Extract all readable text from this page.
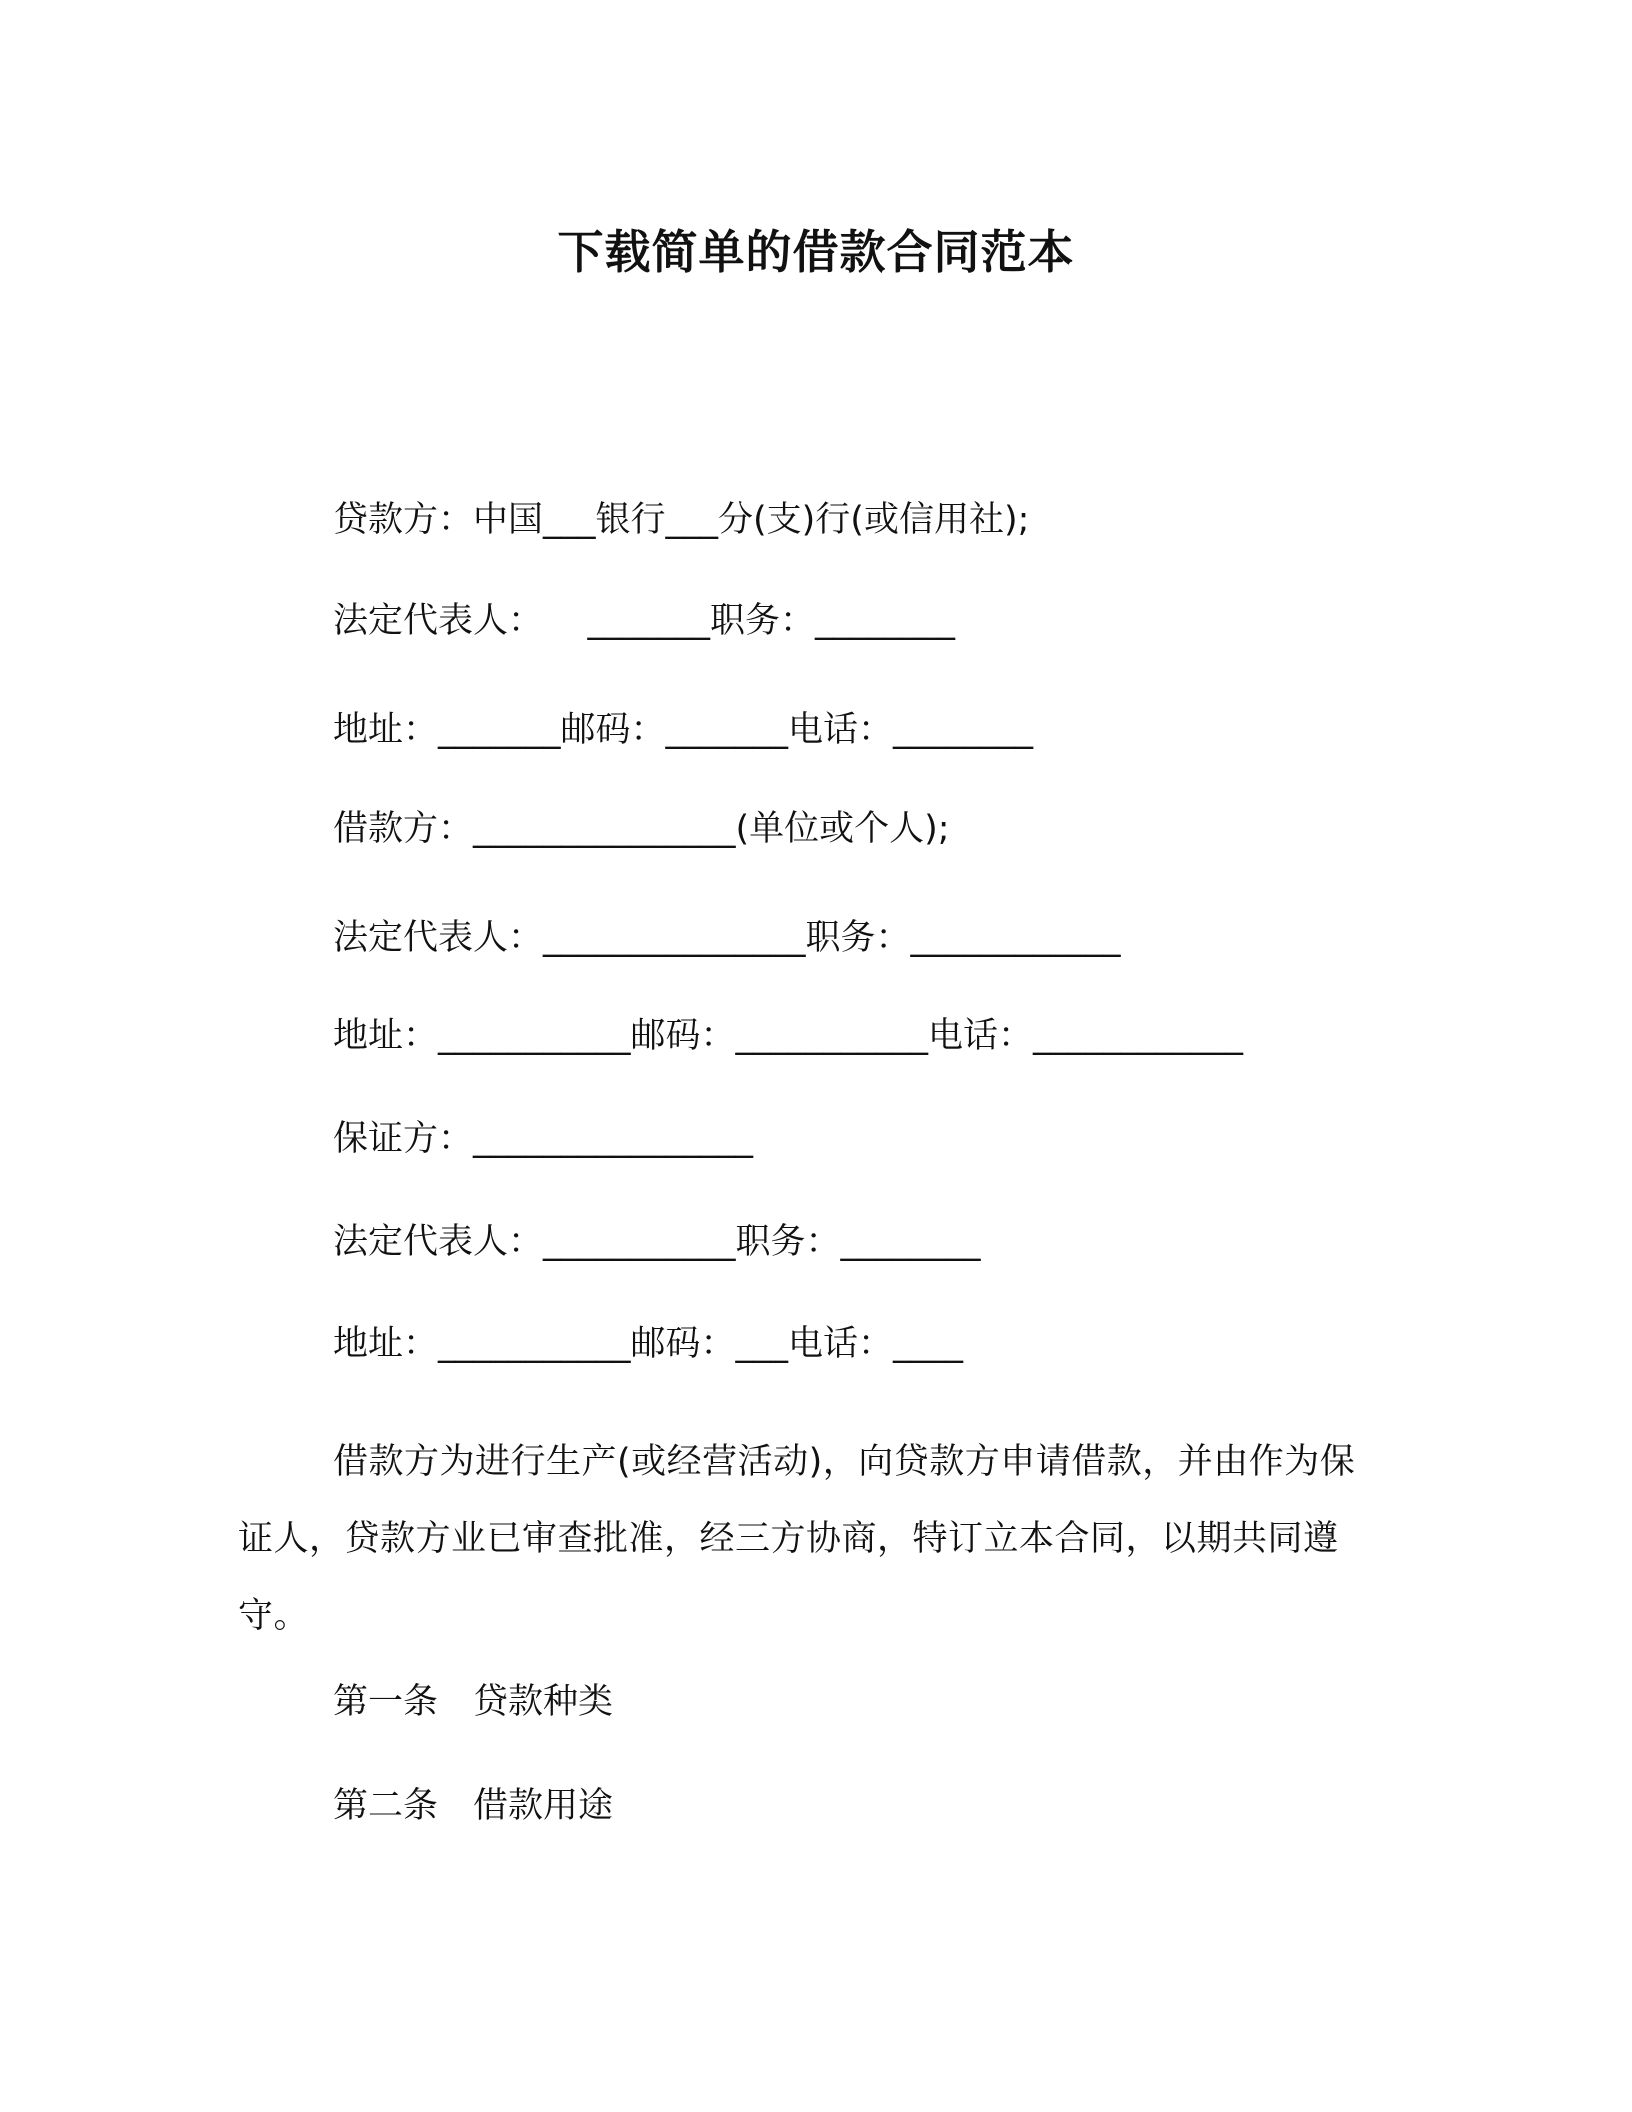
下载简单的借款合同范本
贷款方：中国___银行___分(支)行(或信用社);
法定代表人：    _______职务：________
地址：_______邮码：_______电话：________
借款方：_______________(单位或个人);
法定代表人：_______________职务：____________
地址：___________邮码：___________电话：____________
保证方：________________
法定代表人：___________职务：________
地址：___________邮码：___电话：____
借款方为进行生产(或经营活动)，向贷款方申请借款，并由作为保证人，贷款方业已审查批准，经三方协商，特订立本合同，以期共同遵守。
第一条　贷款种类
第二条　借款用途
